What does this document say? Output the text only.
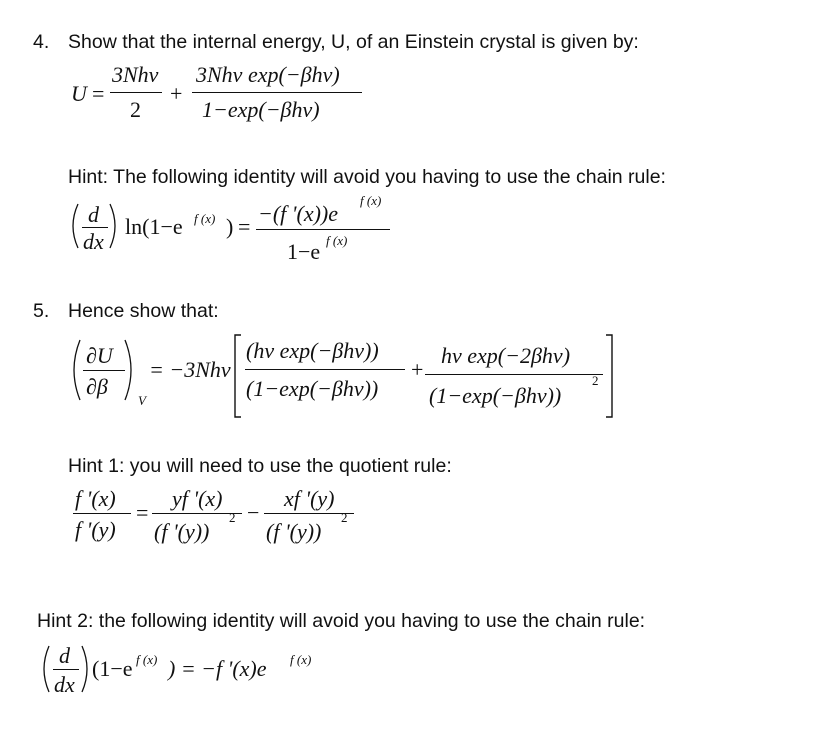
4. Show that the internal energy, U, of an Einstein crystal is given by:
U =
3Nhν
2
+
3Nhν exp(−βhν)
1−exp(−βhν)
Hint: The following identity will avoid you having to use the chain rule:
d
dx
ln(1−e f (x) ) =
−(f '(x))e
f (x)
1−e f (x)
5. Hence show that:
∂U
∂β
V
= −3Nhν
(hν exp(−βhν))
(1−exp(−βhν))
+
hν exp(−2βhν)
(1−exp(−βhν))
2
Hint 1: you will need to use the quotient rule:
f '(x)
f '(y)
=
yf '(x)
(f '(y))
2 −
xf '(y)
(f '(y))
2
Hint 2: the following identity will avoid you having to use the chain rule:
d
dx
(1−e f (x) ) = −f '(x)e f (x)
